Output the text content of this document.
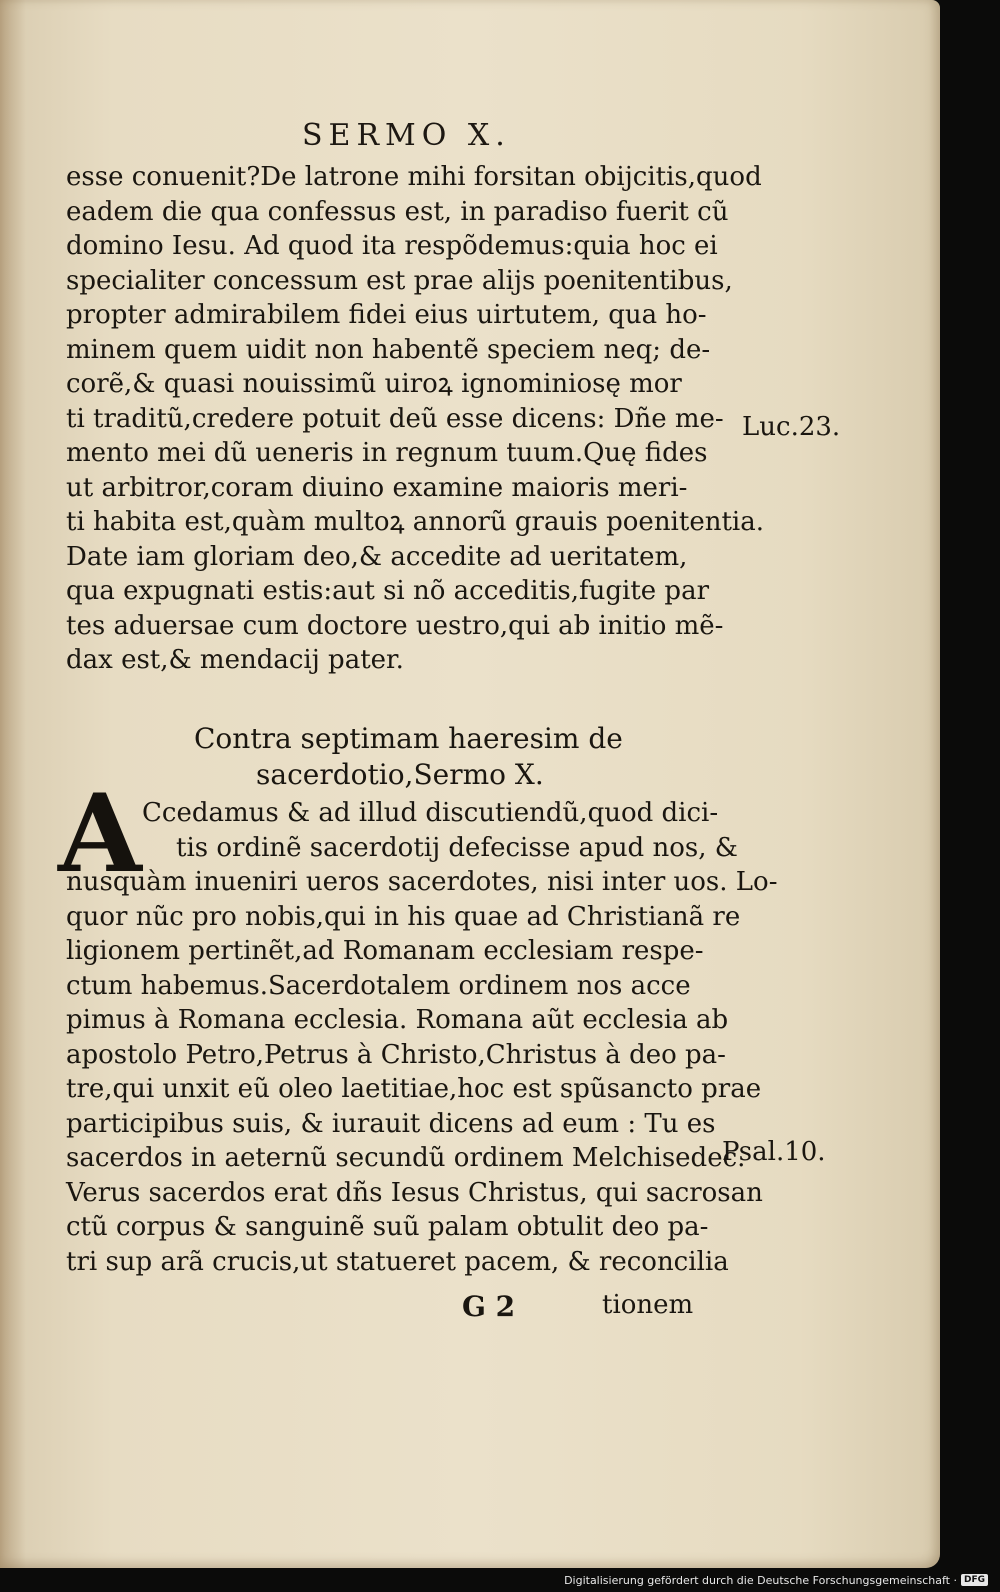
SERMO X.
esse conuenit?De latrone mihi forsitan obijcitis,quod
eadem die qua confessus est, in paradiso fuerit cũ
domino Iesu. Ad quod ita respõdemus:quia hoc ei
specialiter concessum est prae alijs poenitentibus,
propter admirabilem fidei eius uirtutem, qua ho-
minem quem uidit non habentẽ speciem neq; de-
corẽ,& quasi nouissimũ uiroꝝ ignominiosę mor
ti traditũ,credere potuit deũ esse dicens: Dñe me-
mento mei dũ ueneris in regnum tuum.Quę fides
ut arbitror,coram diuino examine maioris meri-
ti habita est,quàm multoꝝ annorũ grauis poenitentia.
Date iam gloriam deo,& accedite ad ueritatem,
qua expugnati estis:aut si nõ acceditis,fugite par
tes aduersae cum doctore uestro,qui ab initio mẽ-
dax est,& mendacij pater.
Luc.23.
Contra septimam haeresim de
sacerdotio,Sermo X.
A Ccedamus & ad illud discutiendũ,quod dici-
tis ordinẽ sacerdotij defecisse apud nos, &
nusquàm inueniri ueros sacerdotes, nisi inter uos. Lo-
quor nũc pro nobis,qui in his quae ad Christianã re
ligionem pertinẽt,ad Romanam ecclesiam respe-
ctum habemus.Sacerdotalem ordinem nos acce
pimus à Romana ecclesia. Romana aũt ecclesia ab
apostolo Petro,Petrus à Christo,Christus à deo pa-
tre,qui unxit eũ oleo laetitiae,hoc est spũsancto prae
participibus suis, & iurauit dicens ad eum : Tu es
sacerdos in aeternũ secundũ ordinem Melchisedec.
Verus sacerdos erat dñs Iesus Christus, qui sacrosan
ctũ corpus & sanguinẽ suũ palam obtulit deo pa-
tri sup arã crucis,ut statueret pacem, & reconcilia
Psal.10.
G 2	tionem
Digitalisierung gefördert durch die Deutsche Forschungsgemeinschaft · DFG
